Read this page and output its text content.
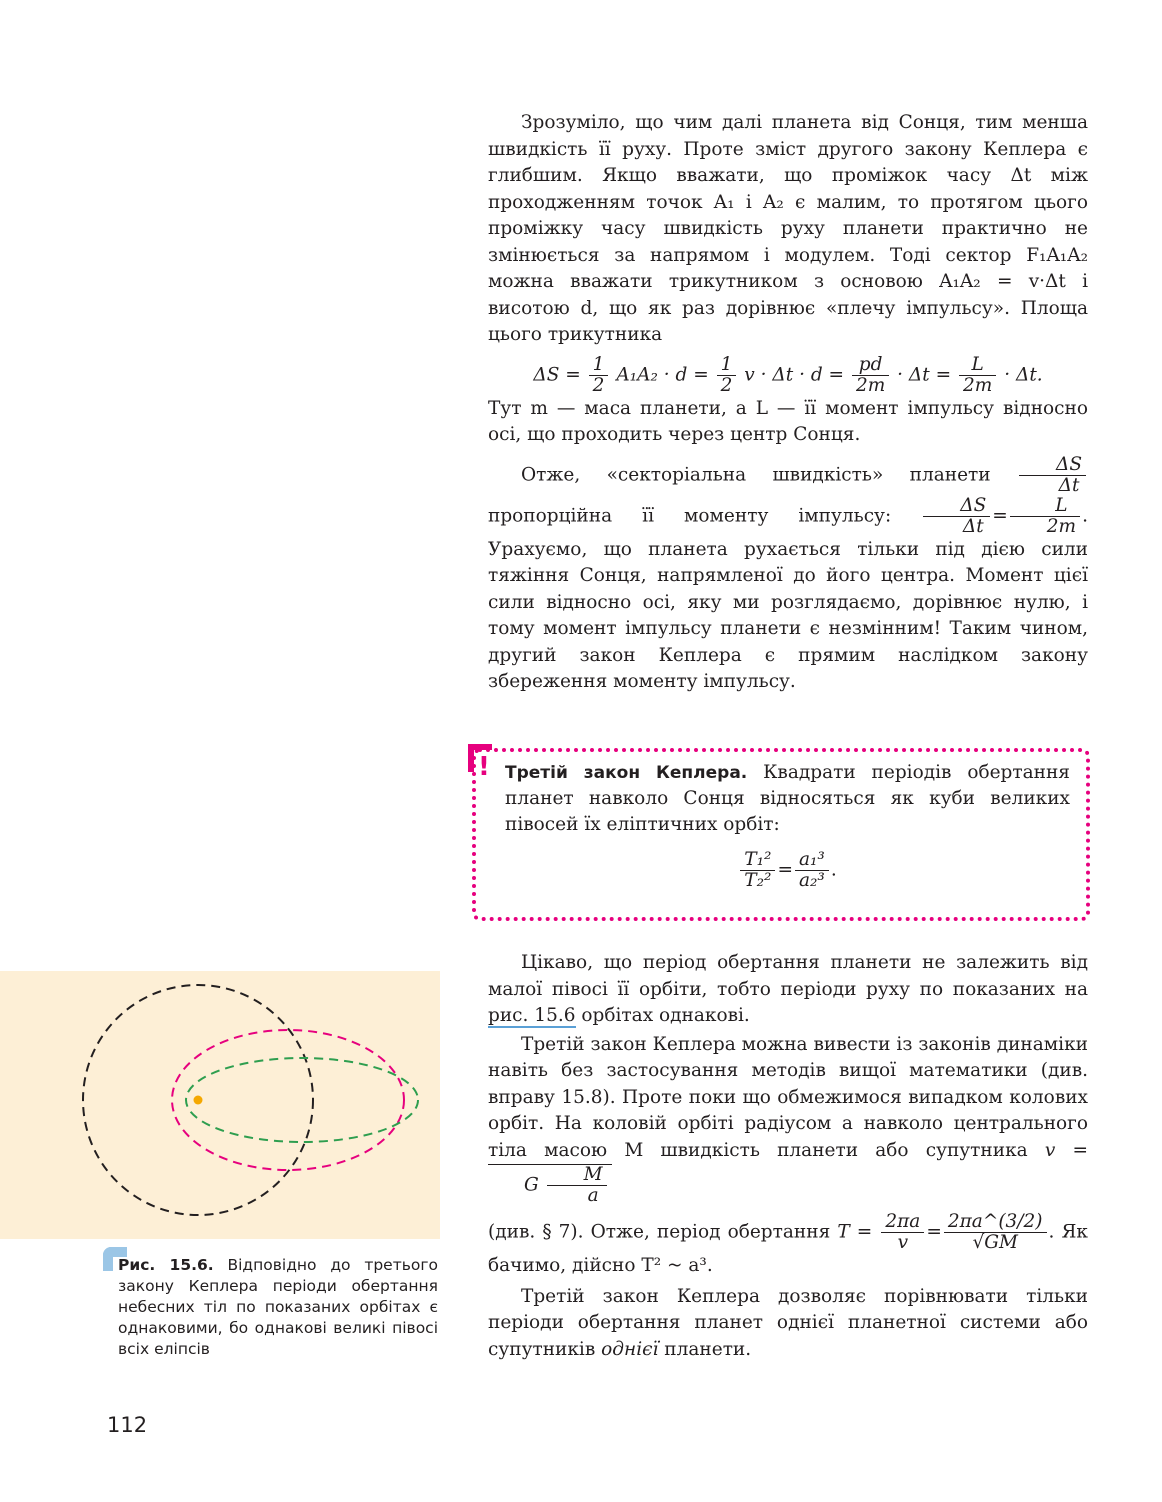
Зрозуміло, що чим далі планета від Сонця, тим менша швидкість її руху. Проте зміст другого закону Кеплера є глибшим. Якщо вважати, що проміжок часу Δt між проходженням точок A₁ і A₂ є малим, то протягом цього проміжку часу швидкість руху планети практично не змінюється за напрямом і модулем. Тоді сектор F₁A₁A₂ можна вважати трикутником з основою A₁A₂ = v·Δt і висотою d, що як раз дорівнює «плечу імпульсу». Площа цього трикутника

$\Delta S = \frac{1}{2} A_1A_2 \cdot d = \frac{1}{2}$ $v \cdot \Delta t \cdot d = \frac{pd}{2m} \cdot \Delta t = \frac{L}{2m} \cdot \Delta t$.

Тут m — маса планети, а L — її момент імпульсу відносно осі, що проходить через центр Сонця.

Отже, «секторіальна швидкість» планети $\frac{\Delta S}{\Delta t}$
пропорційна її моменту імпульсу: $\frac{\Delta S}{\Delta t} = \frac{L}{2m}$ . Урахуємо, що планета рухається тільки під дією сили тяжіння Сонця, напрямленої до його центра. Момент цієї сили відносно осі, яку ми розглядаємо, дорівнює нулю, і тому момент імпульсу планети є незмінним! Таким чином, другий закон Кеплера є прямим наслідком закону збереження моменту імпульсу.

! Третій закон Кеплера. Квадрати періодів обертання планет навколо Сонця відносяться як куби великих півосей їх еліптичних орбіт:
$\frac{\text{T₁²}}{\text{T₂²}} = \frac{\text{a₁³}}{\text{a₂³}}$ .

Цікаво, що період обертання планети не залежить від малої півосі її орбіти, тобто періоди руху по показаних на рис. 15.6 орбітах однакові.

Третій закон Кеплера можна вивести із законів динаміки навіть без застосування методів вищої математики (див. вправу 15.8). Проте поки що обмежимося випадком колових орбіт. На коловій орбіті радіусом a навколо центрального тіла масою M швидкість планети або супутника $v =G \frac{M}{a}$

(див. § 7). Отже, період обертання $T = \frac{2\pi a}{v} = \frac{2\pi a\^{}(3/2)}{√GM}$ . Як бачимо, дійсно T² ~ a³.

Третій закон Кеплера дозволяє порівнювати тільки періоди обертання планет однієї планетної системи або супутників однієї планети.

Рис. 15.6. Відповідно до третього закону Кеплера періоди обертання небесних тіл по показаних орбітах є однаковими, бо однакові великі півосі всіх еліпсів
112
